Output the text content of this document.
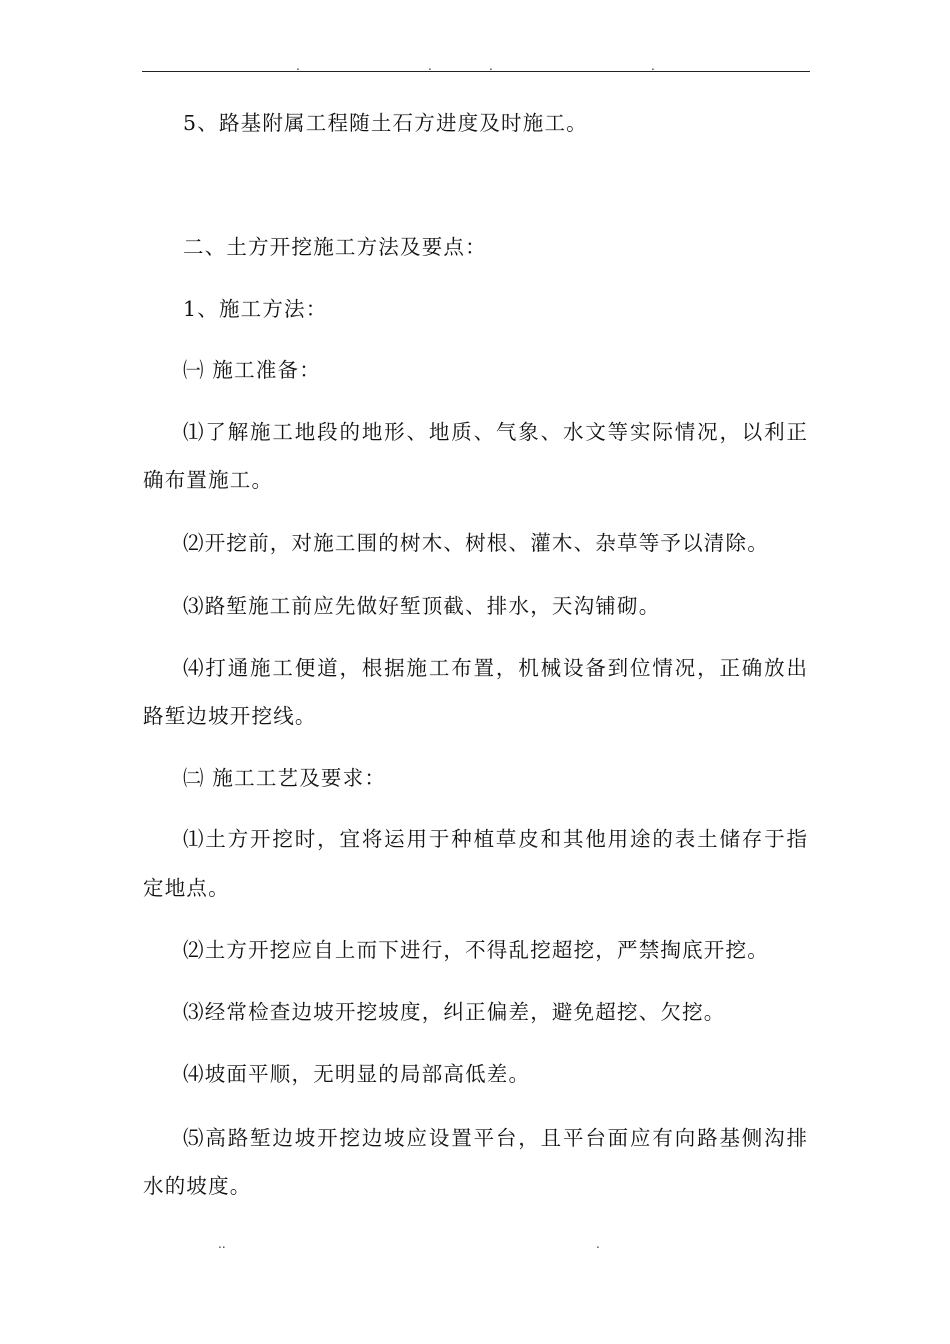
.	.	.	.
5、路基附属工程随土石方进度及时施工。
二、土方开挖施工方法及要点：
1、施工方法：
㈠ 施工准备：
⑴了解施工地段的地形、地质、气象、水文等实际情况，以利正
确布置施工。
⑵开挖前，对施工围的树木、树根、灌木、杂草等予以清除。
⑶路堑施工前应先做好堑顶截、排水，天沟铺砌。
⑷打通施工便道，根据施工布置，机械设备到位情况，正确放出
路堑边坡开挖线。
㈡ 施工工艺及要求：
⑴土方开挖时，宜将运用于种植草皮和其他用途的表土储存于指
定地点。
⑵土方开挖应自上而下进行，不得乱挖超挖，严禁掏底开挖。
⑶经常检查边坡开挖坡度，纠正偏差，避免超挖、欠挖。
⑷坡面平顺，无明显的局部高低差。
⑸高路堑边坡开挖边坡应设置平台，且平台面应有向路基侧沟排
水的坡度。
..	.
